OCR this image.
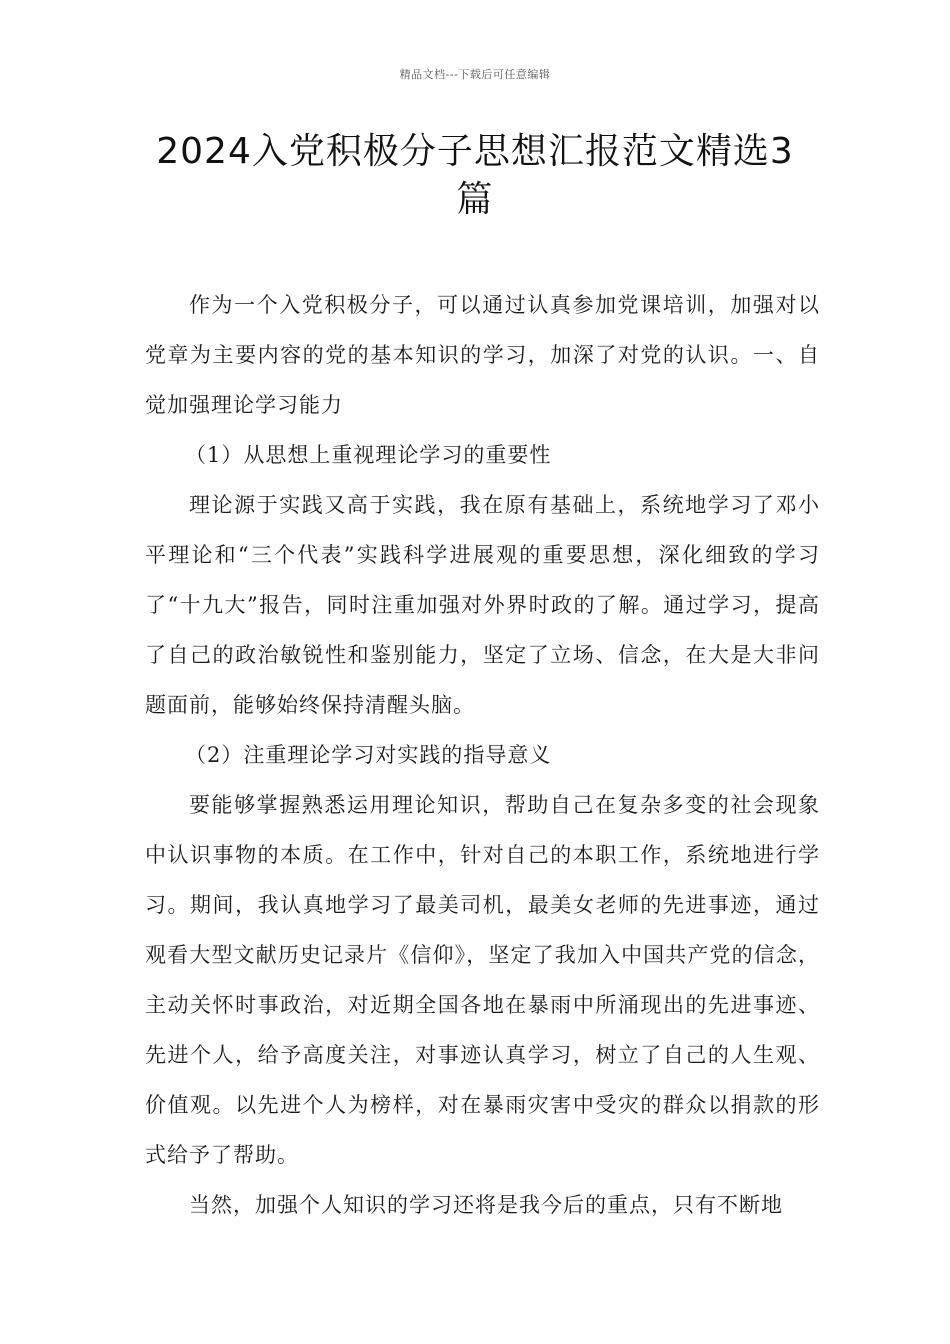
精品文档---下载后可任意编辑
2024入党积极分子思想汇报范文精选3篇

作为一个入党积极分子，可以通过认真参加党课培训，加强对以党章为主要内容的党的基本知识的学习，加深了对党的认识。一、自觉加强理论学习能力

（1）从思想上重视理论学习的重要性

理论源于实践又高于实践，我在原有基础上，系统地学习了邓小平理论和“三个代表”实践科学进展观的重要思想，深化细致的学习了“十九大”报告，同时注重加强对外界时政的了解。通过学习，提高了自己的政治敏锐性和鉴别能力，坚定了立场、信念，在大是大非问题面前，能够始终保持清醒头脑。

（2）注重理论学习对实践的指导意义

要能够掌握熟悉运用理论知识，帮助自己在复杂多变的社会现象中认识事物的本质。在工作中，针对自己的本职工作，系统地进行学习。期间，我认真地学习了最美司机，最美女老师的先进事迹，通过观看大型文献历史记录片《信仰》，坚定了我加入中国共产党的信念，主动关怀时事政治，对近期全国各地在暴雨中所涌现出的先进事迹、先进个人，给予高度关注，对事迹认真学习，树立了自己的人生观、价值观。以先进个人为榜样，对在暴雨灾害中受灾的群众以捐款的形式给予了帮助。

当然，加强个人知识的学习还将是我今后的重点，只有不断地
